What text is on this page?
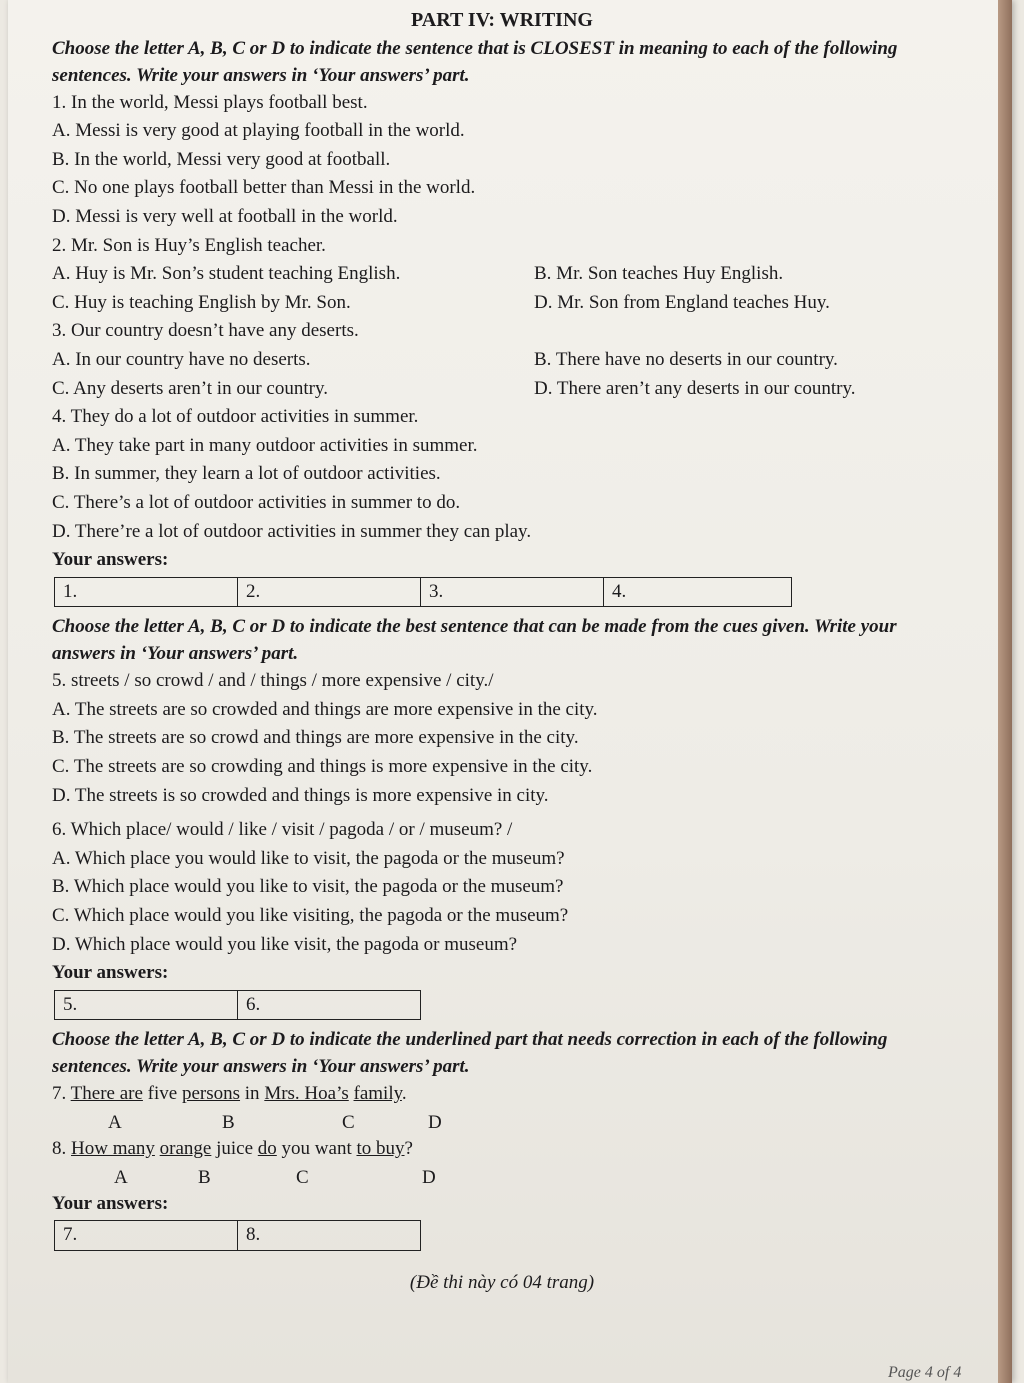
PART IV: WRITING
Choose the letter A, B, C or D to indicate the sentence that is CLOSEST in meaning to each of the following sentences. Write your answers in ‘Your answers’ part.
1. In the world, Messi plays football best.
A. Messi is very good at playing football in the world.
B. In the world, Messi very good at football.
C. No one plays football better than Messi in the world.
D. Messi is very well at football in the world.
2. Mr. Son is Huy’s English teacher.
A. Huy is Mr. Son’s student teaching English.	B. Mr. Son teaches Huy English.
C. Huy is teaching English by Mr. Son.	D. Mr. Son from England teaches Huy.
3. Our country doesn’t have any deserts.
A. In our country have no deserts.	B. There have no deserts in our country.
C. Any deserts aren’t in our country.	D. There aren’t any deserts in our country.
4. They do a lot of outdoor activities in summer.
A. They take part in many outdoor activities in summer.
B. In summer, they learn a lot of outdoor activities.
C. There’s a lot of outdoor activities in summer to do.
D. There’re a lot of outdoor activities in summer they can play.
Your answers:
1.	2.	3.	4.
Choose the letter A, B, C or D to indicate the best sentence that can be made from the cues given. Write your answers in ‘Your answers’ part.
5. streets / so crowd / and / things / more expensive / city./
A. The streets are so crowded and things are more expensive in the city.
B. The streets are so crowd and things are more expensive in the city.
C. The streets are so crowding and things is more expensive in the city.
D. The streets is so crowded and things is more expensive in city.
6. Which place/ would / like / visit / pagoda / or / museum? /
A. Which place you would like to visit, the pagoda or the museum?
B. Which place would you like to visit, the pagoda or the museum?
C. Which place would you like visiting, the pagoda or the museum?
D. Which place would you like visit, the pagoda or museum?
Your answers:
5.	6.
Choose the letter A, B, C or D to indicate the underlined part that needs correction in each of the following sentences. Write your answers in ‘Your answers’ part.
7. There are five persons in Mrs. Hoa’s family.
A	B	C	D
8. How many orange juice do you want to buy?
A	B	C	D
Your answers:
7.	8.
(Đề thi này có 04 trang)
Page 4 of 4
